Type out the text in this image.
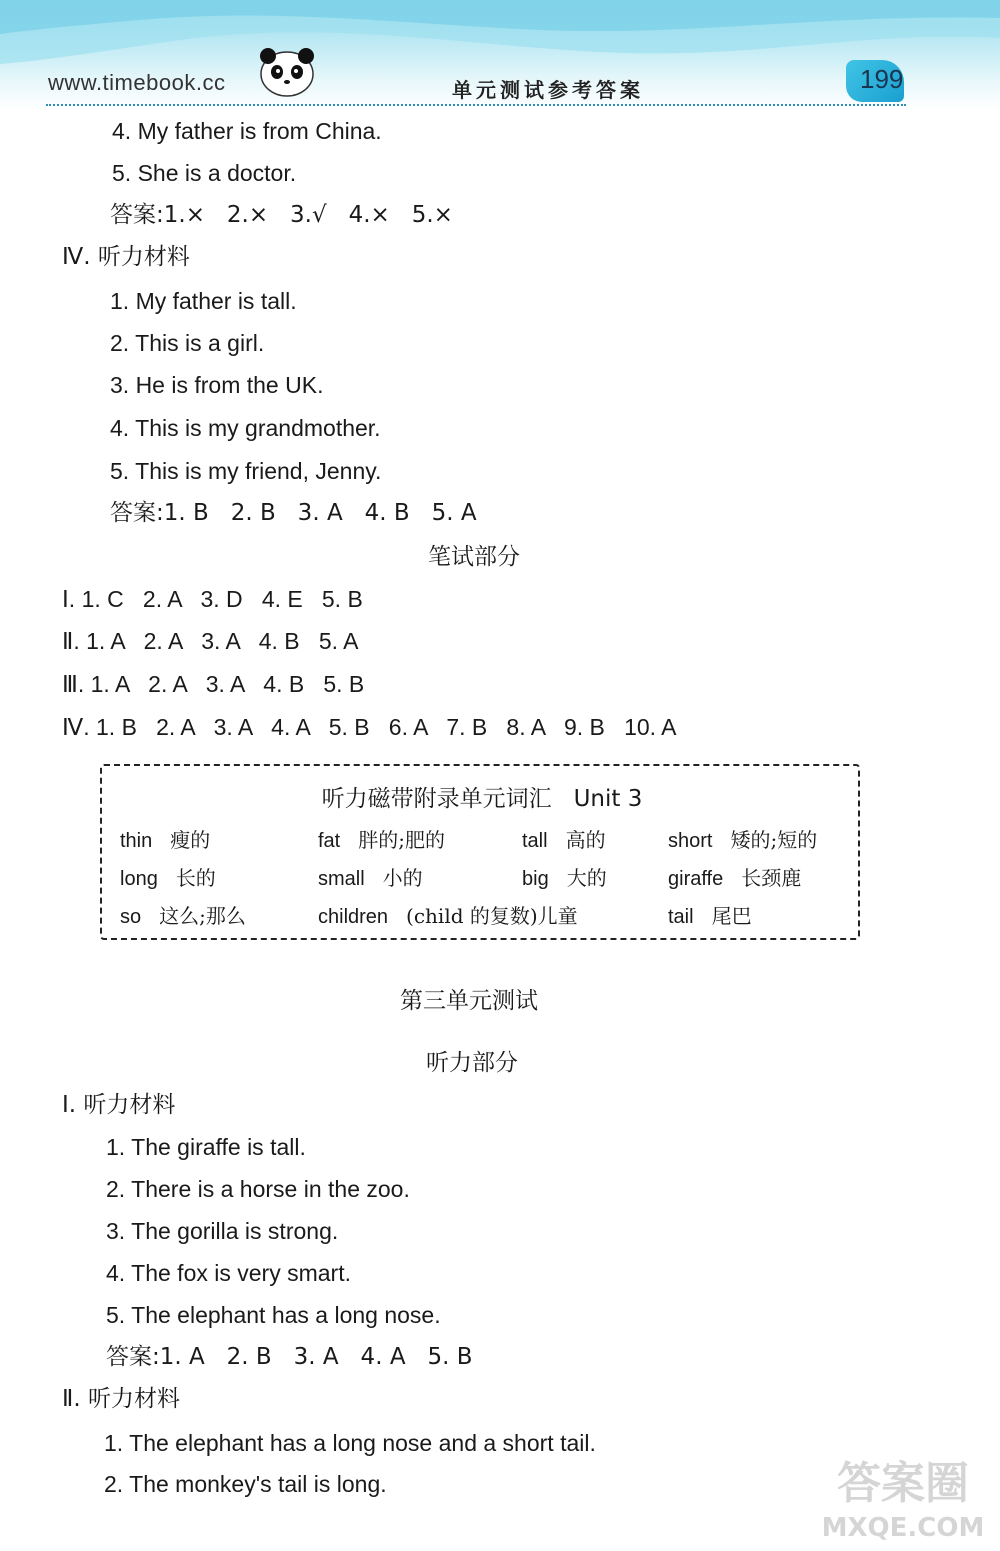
www.timebook.cc	单元测试参考答案	199
4. My father is from China.
5. She is a doctor.
答案:1.×   2.×   3.√   4.×   5.×
Ⅳ. 听力材料
1. My father is tall.
2. This is a girl.
3. He is from the UK.
4. This is my grandmother.
5. This is my friend, Jenny.
答案:1. B   2. B   3. A   4. B   5. A
笔试部分
Ⅰ. 1. C   2. A   3. D   4. E   5. B
Ⅱ. 1. A   2. A   3. A   4. B   5. A
Ⅲ. 1. A   2. A   3. A   4. B   5. B
Ⅳ. 1. B   2. A   3. A   4. A   5. B   6. A   7. B   8. A   9. B   10. A
听力磁带附录单元词汇   Unit 3
thin 瘦的	fat 胖的;肥的	tall 高的	short 矮的;短的
long 长的	small 小的	big 大的	giraffe 长颈鹿
so 这么;那么	children (child 的复数)儿童	tail 尾巴
第三单元测试
听力部分
Ⅰ. 听力材料
1. The giraffe is tall.
2. There is a horse in the zoo.
3. The gorilla is strong.
4. The fox is very smart.
5. The elephant has a long nose.
答案:1. A   2. B   3. A   4. A   5. B
Ⅱ. 听力材料
1. The elephant has a long nose and a short tail.
2. The monkey's tail is long.	答案圈
MXQE.COM
